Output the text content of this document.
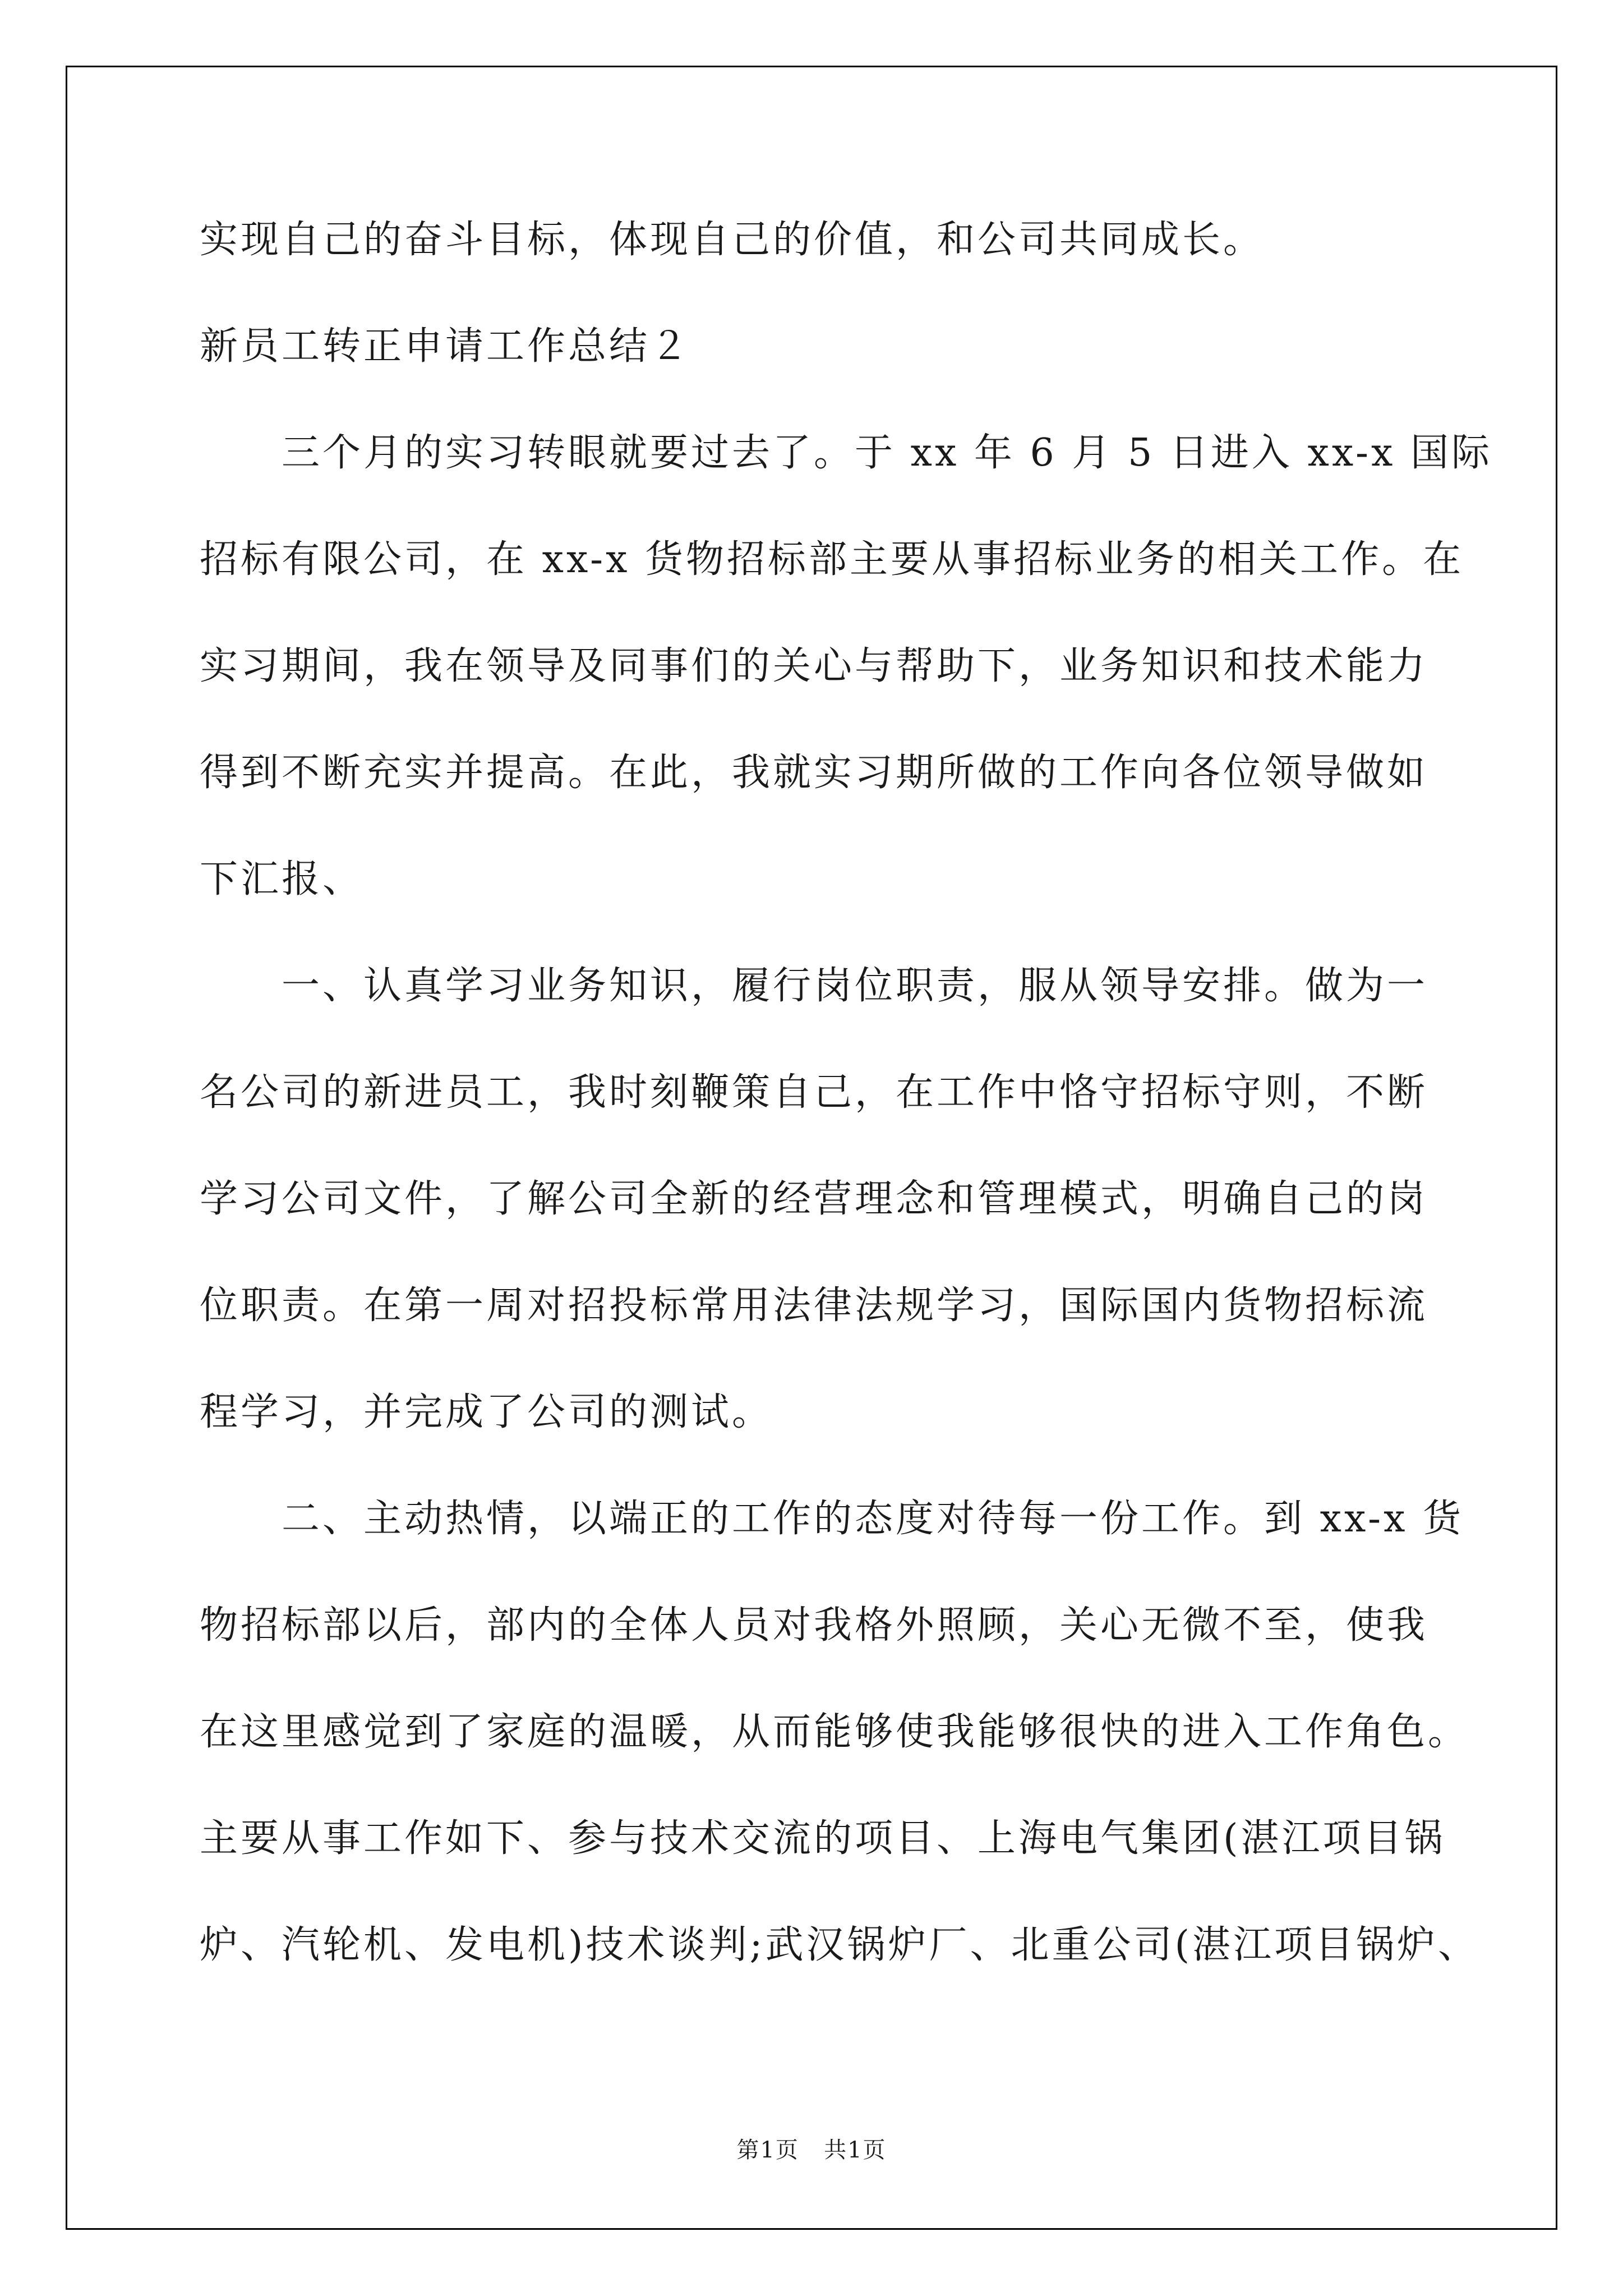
实现自己的奋斗目标，体现自己的价值，和公司共同成长。

新员工转正申请工作总结２

三个月的实习转眼就要过去了。于 xx 年 6 月 5 日进入 xx-x 国际

招标有限公司，在 xx-x 货物招标部主要从事招标业务的相关工作。在

实习期间，我在领导及同事们的关心与帮助下，业务知识和技术能力

得到不断充实并提高。在此，我就实习期所做的工作向各位领导做如

下汇报、

一、认真学习业务知识，履行岗位职责，服从领导安排。做为一

名公司的新进员工，我时刻鞭策自己，在工作中恪守招标守则，不断

学习公司文件，了解公司全新的经营理念和管理模式，明确自己的岗

位职责。在第一周对招投标常用法律法规学习，国际国内货物招标流

程学习，并完成了公司的测试。

二、主动热情，以端正的工作的态度对待每一份工作。到 xx-x 货

物招标部以后，部内的全体人员对我格外照顾，关心无微不至，使我

在这里感觉到了家庭的温暖，从而能够使我能够很快的进入工作角色。

主要从事工作如下、参与技术交流的项目、上海电气集团(湛江项目锅

炉、汽轮机、发电机)技术谈判;武汉锅炉厂、北重公司(湛江项目锅炉、

第1页 共1页
